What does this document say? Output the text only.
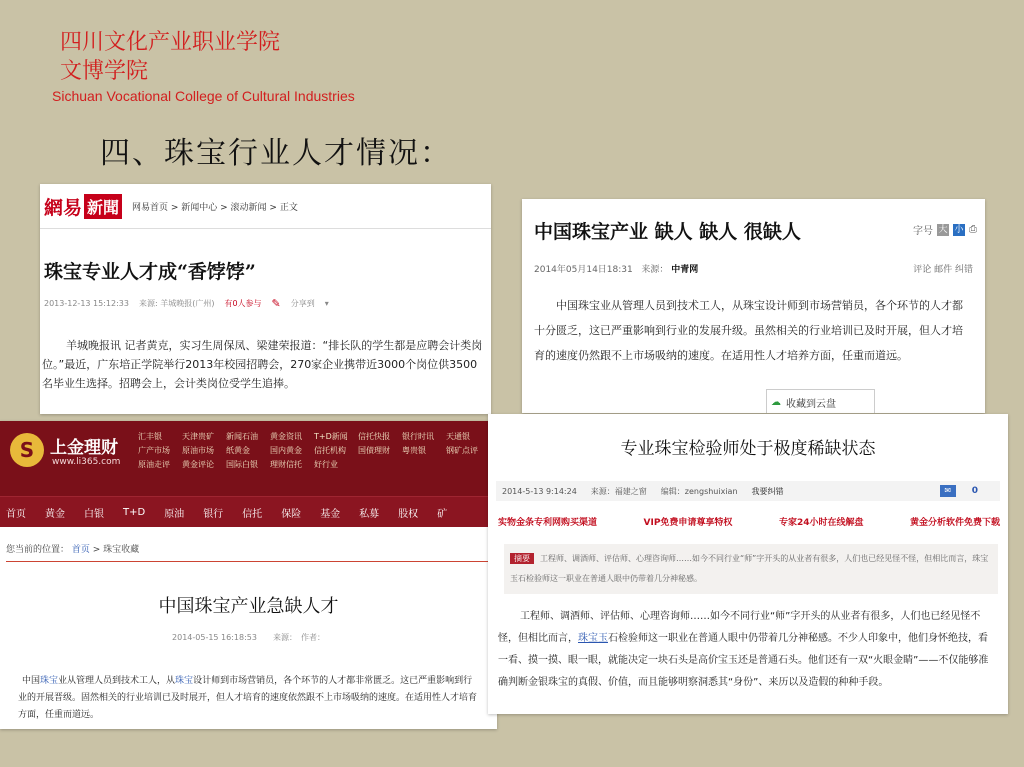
四川文化产业职业学院
文博学院
Sichuan Vocational College of Cultural Industries
四、珠宝行业人才情况：
網易 新聞	网易首页 > 新闻中心 > 滚动新闻 > 正文

珠宝专业人才成“香饽饽”

2013-12-13 15:12:33 来源: 羊城晚报(广州) 有0人参与 ✎ 分享到 ▾

羊城晚报讯 记者黄克，实习生周保凤、梁建荣报道：“排长队的学生都是应聘会计类岗位。”最近，广东培正学院举行2013年校园招聘会，270家企业携带近3000个岗位供3500名毕业生选择。招聘会上，会计类岗位受学生追捧。

中国珠宝产业 缺人 缺人 很缺人	字号 大 小 ⎙
2014年05月14日18:31 来源： 中青网	评论 邮件 纠错

中国珠宝业从管理人员到技术工人，从珠宝设计师到市场营销员，各个环节的人才都十分匮乏，这已严重影响到行业的发展升级。虽然相关的行业培训已及时开展，但人才培育的速度仍然跟不上市场吸纳的速度。在适用性人才培养方面，任重而道远。

☁ 收藏到云盘
S 上金理财
www.li365.com
汇丰银	天津贵矿	新闻石油	黄金资讯	T+D新闻	信托快报	银行时讯	天通银
广产市场	原油市场	纸黄金	国内黄金	信托机构	国债理财	粤贵银	钢矿点评
原油走评	黄金评论	国际白银	理财信托	好行业
首页 黄金 白银 T+D 原油 银行 信托 保险 基金 私募 股权 矿
您当前的位置： 首页 > 珠宝收藏

中国珠宝产业急缺人才

2014-05-15 16:18:53　　来源：　作者：

中国珠宝业从管理人员到技术工人，从珠宝设计师到市场营销员，各个环节的人才都非常匮乏。这已严重影响到行业的开展晋级。固然相关的行业培训已及时展开，但人才培育的速度依然跟不上市场吸纳的速度。在适用性人才培育方面，任重而道远。

专业珠宝检验师处于极度稀缺状态

2014-5-13 9:14:24 来源：福建之窗 编辑：zengshuixian 我要纠错	✉	0
实物金条专利网购买渠道	VIP免费申请尊享特权	专家24小时在线解盘	黄金分析软件免费下载
摘要 工程师、调酒师、评估师、心理咨询师……如今不同行业“师”字开头的从业者有很多，人们也已经见怪不怪，但相比而言，珠宝玉石检验师这一职业在普通人眼中仍带着几分神秘感。

工程师、调酒师、评估师、心理咨询师……如今不同行业“师”字开头的从业者有很多，人们也已经见怪不怪，但相比而言，珠宝玉石检验师这一职业在普通人眼中仍带着几分神秘感。不少人印象中，他们身怀绝技，看一看、摸一摸、眼一眼，就能决定一块石头是高价宝玉还是普通石头。他们还有一双“火眼金睛”——不仅能够准确判断金银珠宝的真假、价值，而且能够明察洞悉其“身份”、来历以及造假的种种手段。
